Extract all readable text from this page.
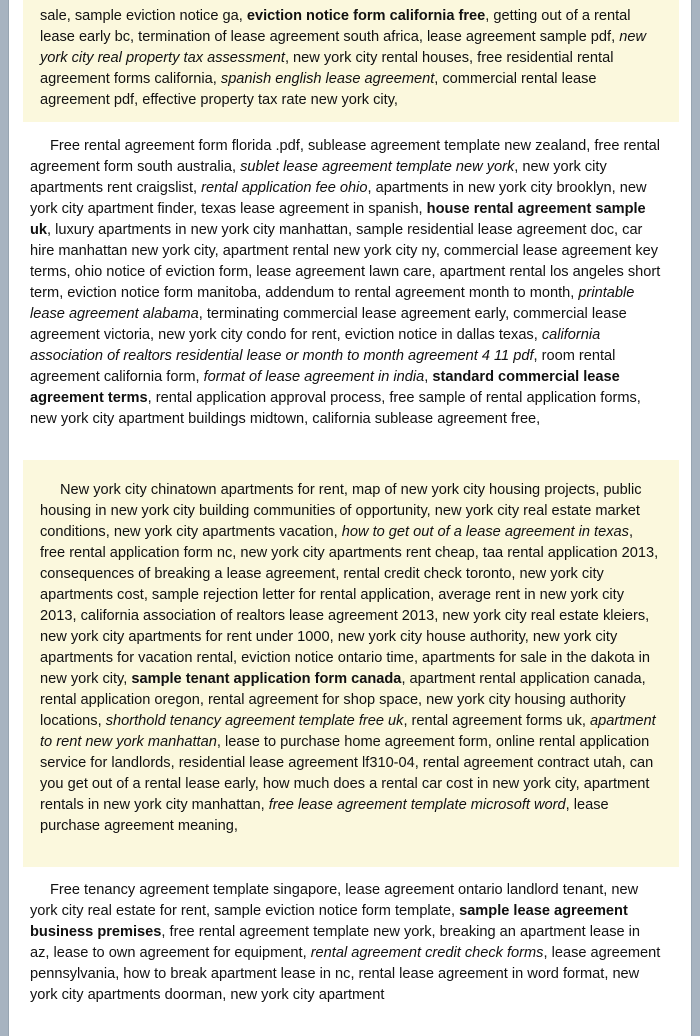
sale, sample eviction notice ga, eviction notice form california free, getting out of a rental lease early bc, termination of lease agreement south africa, lease agreement sample pdf, new york city real property tax assessment, new york city rental houses, free residential rental agreement forms california, spanish english lease agreement, commercial rental lease agreement pdf, effective property tax rate new york city,

Free rental agreement form florida .pdf, sublease agreement template new zealand, free rental agreement form south australia, sublet lease agreement template new york, new york city apartments rent craigslist, rental application fee ohio, apartments in new york city brooklyn, new york city apartment finder, texas lease agreement in spanish, house rental agreement sample uk, luxury apartments in new york city manhattan, sample residential lease agreement doc, car hire manhattan new york city, apartment rental new york city ny, commercial lease agreement key terms, ohio notice of eviction form, lease agreement lawn care, apartment rental los angeles short term, eviction notice form manitoba, addendum to rental agreement month to month, printable lease agreement alabama, terminating commercial lease agreement early, commercial lease agreement victoria, new york city condo for rent, eviction notice in dallas texas, california association of realtors residential lease or month to month agreement 4 11 pdf, room rental agreement california form, format of lease agreement in india, standard commercial lease agreement terms, rental application approval process, free sample of rental application forms, new york city apartment buildings midtown, california sublease agreement free,

New york city chinatown apartments for rent, map of new york city housing projects, public housing in new york city building communities of opportunity, new york city real estate market conditions, new york city apartments vacation, how to get out of a lease agreement in texas, free rental application form nc, new york city apartments rent cheap, taa rental application 2013, consequences of breaking a lease agreement, rental credit check toronto, new york city apartments cost, sample rejection letter for rental application, average rent in new york city 2013, california association of realtors lease agreement 2013, new york city real estate kleiers, new york city apartments for rent under 1000, new york city house authority, new york city apartments for vacation rental, eviction notice ontario time, apartments for sale in the dakota in new york city, sample tenant application form canada, apartment rental application canada, rental application oregon, rental agreement for shop space, new york city housing authority locations, shorthold tenancy agreement template free uk, rental agreement forms uk, apartment to rent new york manhattan, lease to purchase home agreement form, online rental application service for landlords, residential lease agreement lf310-04, rental agreement contract utah, can you get out of a rental lease early, how much does a rental car cost in new york city, apartment rentals in new york city manhattan, free lease agreement template microsoft word, lease purchase agreement meaning,

Free tenancy agreement template singapore, lease agreement ontario landlord tenant, new york city real estate for rent, sample eviction notice form template, sample lease agreement business premises, free rental agreement template new york, breaking an apartment lease in az, lease to own agreement for equipment, rental agreement credit check forms, lease agreement pennsylvania, how to break apartment lease in nc, rental lease agreement in word format, new york city apartments doorman, new york city apartment
